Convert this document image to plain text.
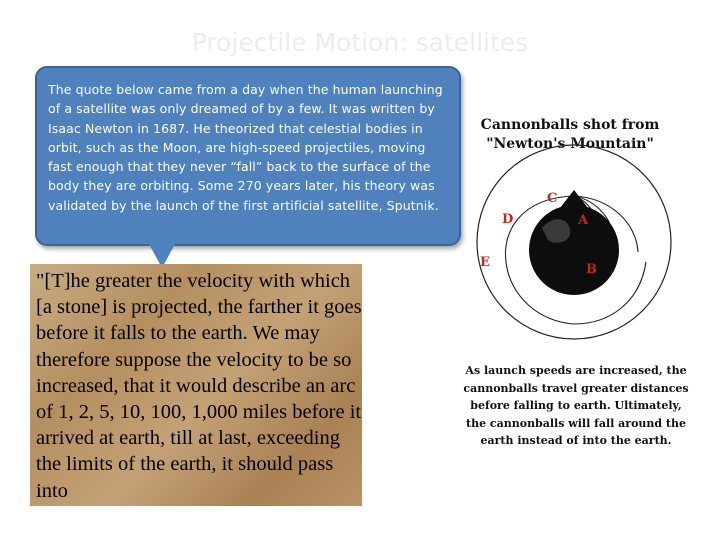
Projectile Motion: satellites
The quote below came from a day when the human launching of a satellite was only dreamed of by a few. It was written by Isaac Newton in 1687. He theorized that celestial bodies in orbit, such as the Moon, are high-speed projectiles, moving fast enough that they never “fall” back to the surface of the body they are orbiting. Some 270 years later, his theory was validated by the launch of the first artificial satellite, Sputnik.
"[T]he greater the velocity with which [a stone] is projected, the farther it goes before it falls to the earth. We may therefore suppose the velocity to be so increased, that it would describe an arc of 1, 2, 5, 10, 100, 1,000 miles before it arrived at earth, till at last, exceeding the limits of the earth, it should pass into
Cannonballs shot from "Newton's Mountain"
C
D	A
E	B
As launch speeds are increased, the cannonballs travel greater distances before falling to earth. Ultimately, the cannonballs will fall around the earth instead of into the earth.
